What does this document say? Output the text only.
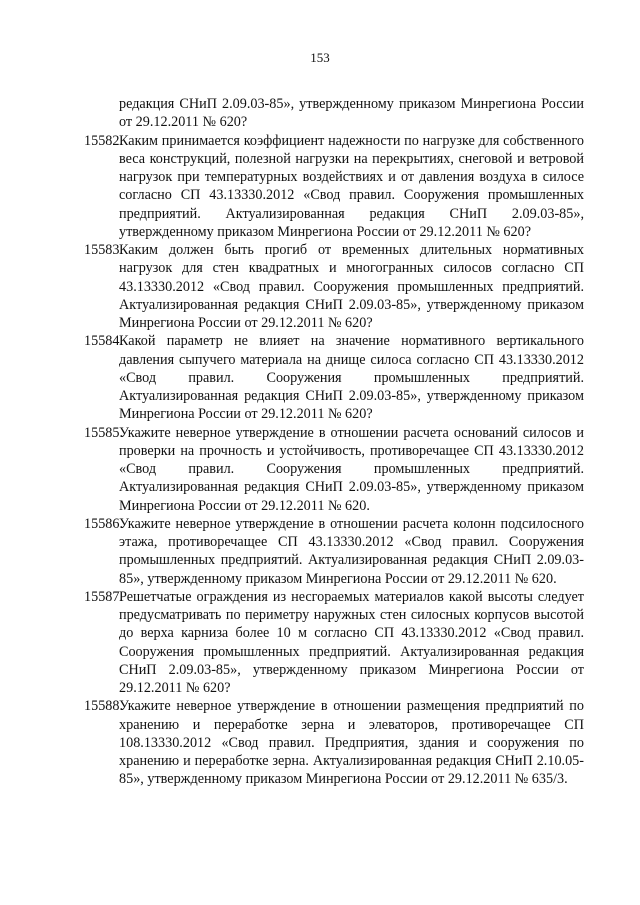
153
редакция СНиП 2.09.03-85», утвержденному приказом Минрегиона России от 29.12.2011 № 620?
15582.
Каким принимается коэффициент надежности по нагрузке для собственного веса конструкций, полезной нагрузки на перекрытиях, снеговой и ветровой нагрузок при температурных воздействиях и от давления воздуха в силосе согласно СП 43.13330.2012 «Свод правил. Сооружения промышленных предприятий. Актуализированная редакция СНиП 2.09.03-85», утвержденному приказом Минрегиона России от 29.12.2011 № 620?
15583.
Каким должен быть прогиб от временных длительных нормативных нагрузок для стен квадратных и многогранных силосов согласно СП 43.13330.2012 «Свод правил. Сооружения промышленных предприятий. Актуализированная редакция СНиП 2.09.03-85», утвержденному приказом Минрегиона России от 29.12.2011 № 620?
15584.
Какой параметр не влияет на значение нормативного вертикального давления сыпучего материала на днище силоса согласно СП 43.13330.2012 «Свод правил. Сооружения промышленных предприятий. Актуализированная редакция СНиП 2.09.03-85», утвержденному приказом Минрегиона России от 29.12.2011 № 620?
15585.
Укажите неверное утверждение в отношении расчета оснований силосов и проверки на прочность и устойчивость, противоречащее СП 43.13330.2012 «Свод правил. Сооружения промышленных предприятий. Актуализированная редакция СНиП 2.09.03-85», утвержденному приказом Минрегиона России от 29.12.2011 № 620.
15586.
Укажите неверное утверждение в отношении расчета колонн подсилосного этажа, противоречащее СП 43.13330.2012 «Свод правил. Сооружения промышленных предприятий. Актуализированная редакция СНиП 2.09.03-85», утвержденному приказом Минрегиона России от 29.12.2011 № 620.
15587.
Решетчатые ограждения из несгораемых материалов какой высоты следует предусматривать по периметру наружных стен силосных корпусов высотой до верха карниза более 10 м согласно СП 43.13330.2012 «Свод правил. Сооружения промышленных предприятий. Актуализированная редакция СНиП 2.09.03-85», утвержденному приказом Минрегиона России от 29.12.2011 № 620?
15588.
Укажите неверное утверждение в отношении размещения предприятий по хранению и переработке зерна и элеваторов, противоречащее СП 108.13330.2012 «Свод правил. Предприятия, здания и сооружения по хранению и переработке зерна. Актуализированная редакция СНиП 2.10.05-85», утвержденному приказом Минрегиона России от 29.12.2011 № 635/3.
